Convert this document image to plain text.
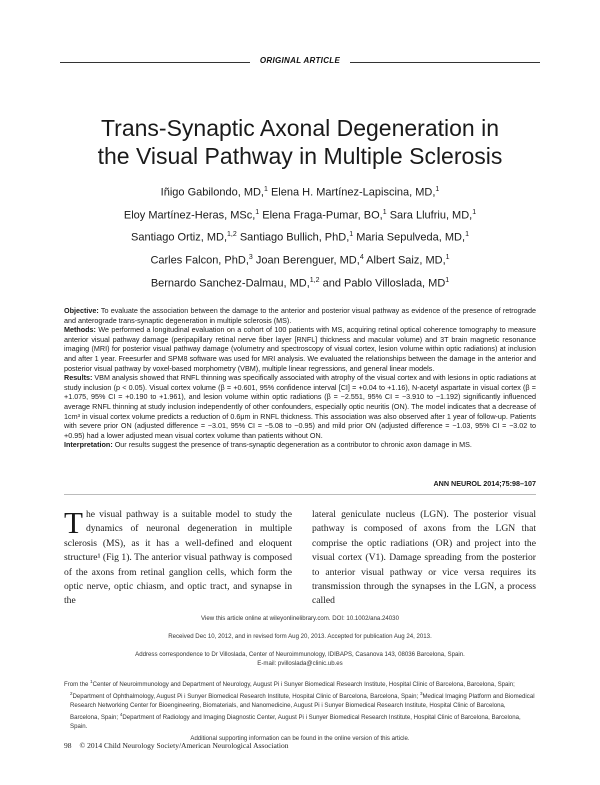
ORIGINAL ARTICLE
Trans-Synaptic Axonal Degeneration in
the Visual Pathway in Multiple Sclerosis
Iñigo Gabilondo, MD,$^1$ Elena H. Martínez-Lapiscina, MD,$^1$
Eloy Martínez-Heras, MSc,$^1$ Elena Fraga-Pumar, BO,$^1$ Sara Llufriu, MD,$^1$
Santiago Ortiz, MD,$^{1,2}$ Santiago Bullich, PhD,$^1$ Maria Sepulveda, MD,$^1$
Carles Falcon, PhD,$^3$ Joan Berenguer, MD,$^4$ Albert Saiz, MD,$^1$
Bernardo Sanchez-Dalmau, MD,$^{1,2}$ and Pablo Villoslada, $MD^1$

Objective: To evaluate the association between the damage to the anterior and posterior visual pathway as evidence of the presence of retrograde and anterograde trans-synaptic degeneration in multiple sclerosis (MS).

Methods: We performed a longitudinal evaluation on a cohort of 100 patients with MS, acquiring retinal optical coherence tomography to measure anterior visual pathway damage (peripapillary retinal nerve fiber layer [RNFL] thickness and macular volume) and 3T brain magnetic resonance imaging (MRI) for posterior visual pathway damage (volumetry and spectroscopy of visual cortex, lesion volume within optic radiations) at inclusion and after 1 year. Freesurfer and SPM8 software was used for MRI analysis. We evaluated the relationships between the damage in the anterior and posterior visual pathway by voxel-based morphometry (VBM), multiple linear regressions, and general linear models.

Results: VBM analysis showed that RNFL thinning was specifically associated with atrophy of the visual cortex and with lesions in optic radiations at study inclusion (p < 0.05). Visual cortex volume (β = +0.601, 95% confidence interval [CI] = +0.04 to +1.16), N-acetyl aspartate in visual cortex (β = +1.075, 95% CI = +0.190 to +1.961), and lesion volume within optic radiations (β = −2.551, 95% CI = −3.910 to −1.192) significantly influenced average RNFL thinning at study inclusion independently of other confounders, especially optic neuritis (ON). The model indicates that a decrease of 1cm³ in visual cortex volume predicts a reduction of 0.6μm in RNFL thickness. This association was also observed after 1 year of follow-up. Patients with severe prior ON (adjusted difference = −3.01, 95% CI = −5.08 to −0.95) and mild prior ON (adjusted difference = −1.03, 95% CI = −3.02 to +0.95) had a lower adjusted mean visual cortex volume than patients without ON.

Interpretation: Our results suggest the presence of trans-synaptic degeneration as a contributor to chronic axon damage in MS.

ANN NEUROL 2014;75:98–107

The visual pathway is a suitable model to study the dynamics of neuronal degeneration in multiple sclerosis (MS), as it has a well-defined and eloquent structure¹ (Fig 1). The anterior visual pathway is composed of the axons from retinal ganglion cells, which form the optic nerve, optic chiasm, and optic tract, and synapse in the

lateral geniculate nucleus (LGN). The posterior visual pathway is composed of axons from the LGN that comprise the optic radiations (OR) and project into the visual cortex (V1). Damage spreading from the posterior to anterior visual pathway or vice versa requires its transmission through the synapses in the LGN, a process called

View this article online at wileyonlinelibrary.com. DOI: 10.1002/ana.24030
Received Dec 10, 2012, and in revised form Aug 20, 2013. Accepted for publication Aug 24, 2013.
Address correspondence to Dr Villoslada, Center of Neuroimmunology, IDIBAPS, Casanova 143, 08036 Barcelona, Spain.
E-mail: pvilloslada@clinic.ub.es
From the $^1$Center of Neuroimmunology and Department of Neurology, August Pi i Sunyer Biomedical Research Institute, Hospital Clinic of Barcelona, Barcelona, Spain; $^2$Department of Ophthalmology, August Pi i Sunyer Biomedical Research Institute, Hospital Clinic of Barcelona, Barcelona, Spain; $^3$Medical Imaging Platform and Biomedical Research Networking Center for Bioengineering, Biomaterials, and Nanomedicine, August Pi i Sunyer Biomedical Research Institute, Hospital Clinic of Barcelona, Barcelona, Spain; $^4$Department of Radiology and Imaging Diagnostic Center, August Pi i Sunyer Biomedical Research Institute, Hospital Clinic of Barcelona, Barcelona, Spain.
Additional supporting information can be found in the online version of this article.
98 © 2014 Child Neurology Society/American Neurological Association
